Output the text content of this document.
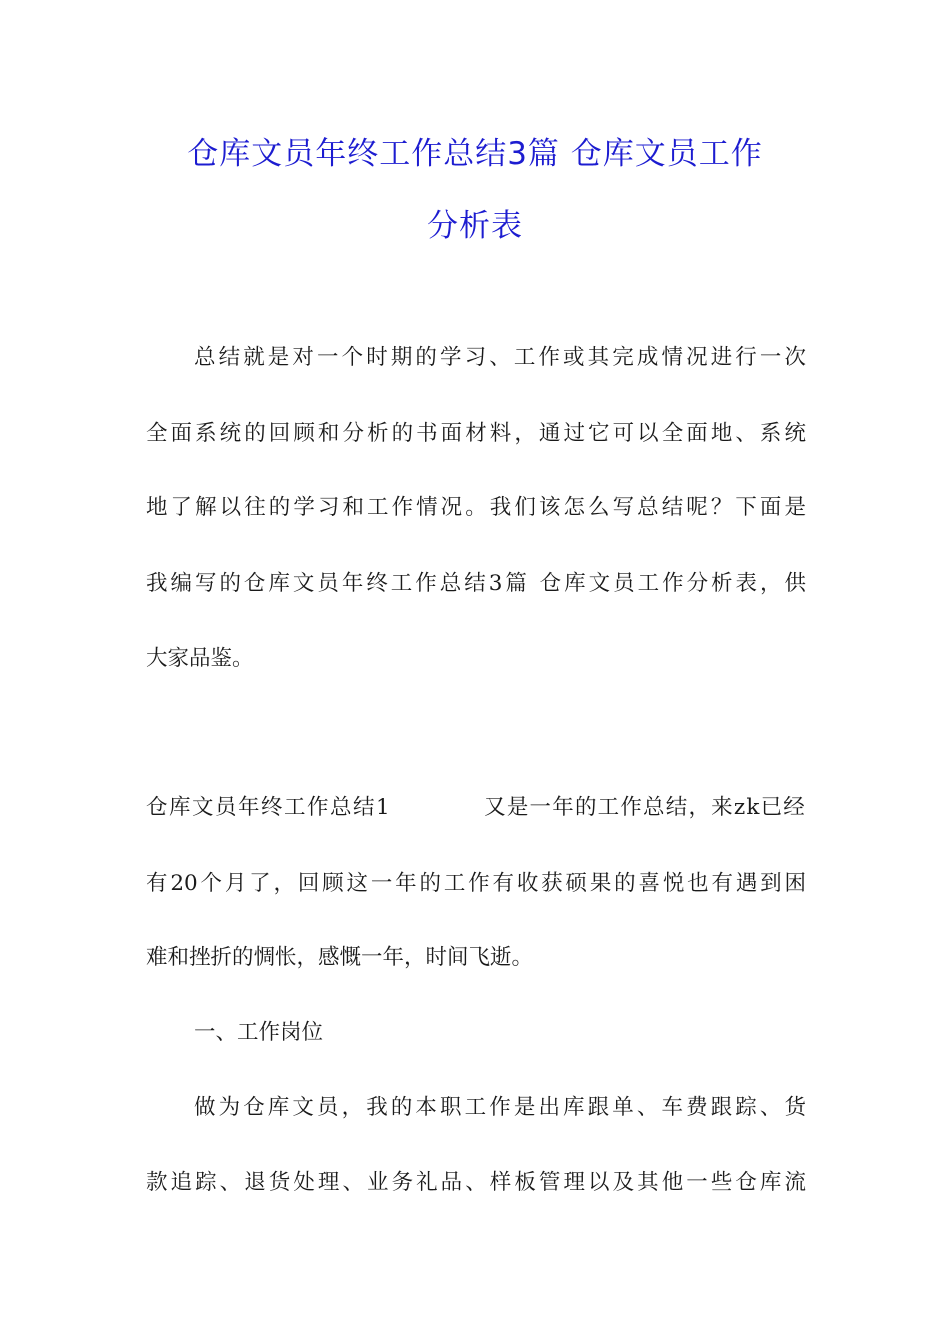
仓库文员年终工作总结3篇 仓库文员工作
分析表

总结就是对一个时期的学习、工作或其完成情况进行一次

全面系统的回顾和分析的书面材料，通过它可以全面地、系统

地了解以往的学习和工作情况。我们该怎么写总结呢？下面是

我编写的仓库文员年终工作总结3篇 仓库文员工作分析表，供

大家品鉴。

仓库文员年终工作总结1	又是一年的工作总结，来zk已经

有20个月了，回顾这一年的工作有收获硕果的喜悦也有遇到困

难和挫折的惆怅，感慨一年，时间飞逝。

一、工作岗位

做为仓库文员，我的本职工作是出库跟单、车费跟踪、货

款追踪、退货处理、业务礼品、样板管理以及其他一些仓库流
